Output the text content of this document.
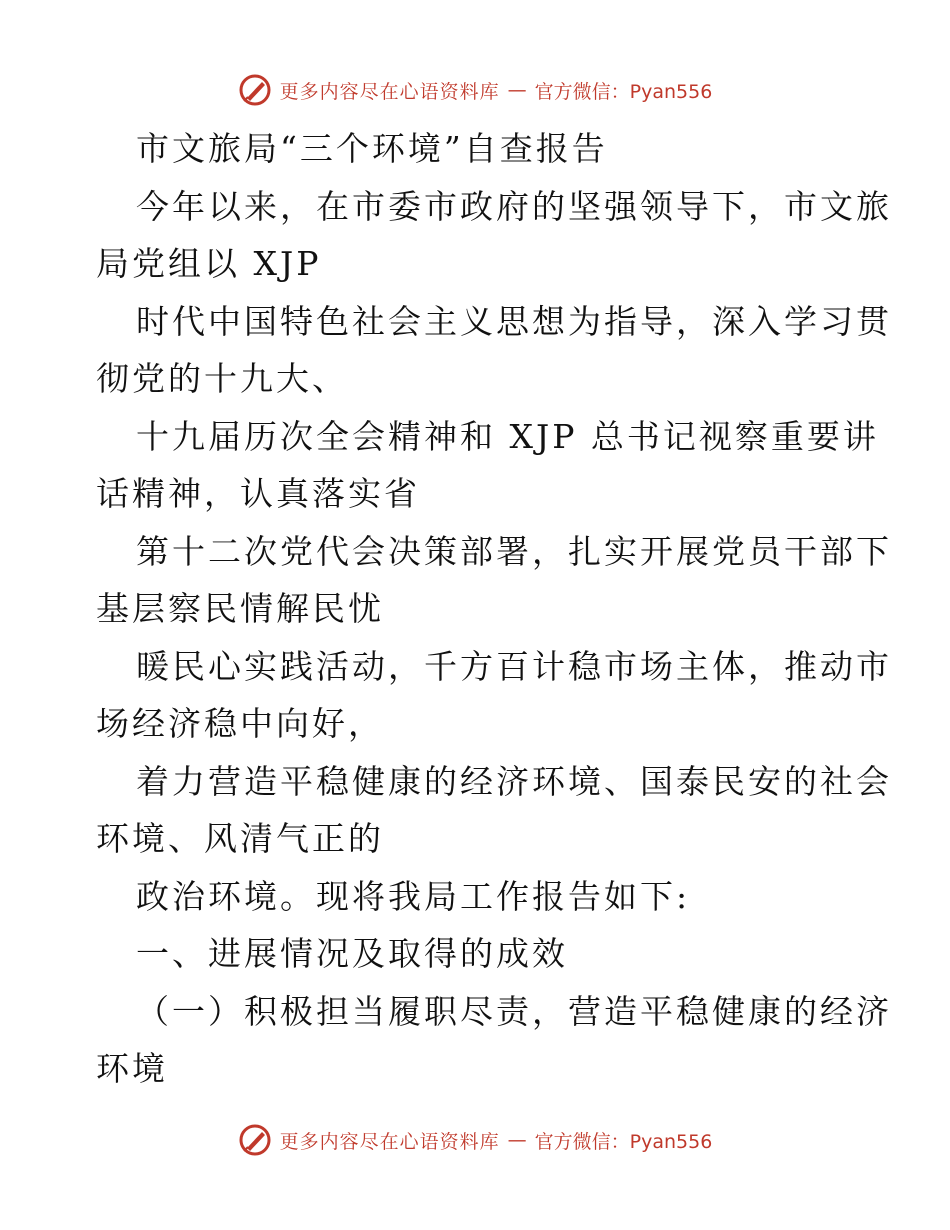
更多内容尽在心语资料库 — 官方微信：Pyan556
市文旅局“三个环境”自查报告
今年以来，在市委市政府的坚强领导下，市文旅
局党组以 XJP
时代中国特色社会主义思想为指导，深入学习贯
彻党的十九大、
十九届历次全会精神和 XJP 总书记视察重要讲
话精神，认真落实省
第十二次党代会决策部署，扎实开展党员干部下
基层察民情解民忧
暖民心实践活动，千方百计稳市场主体，推动市
场经济稳中向好，
着力营造平稳健康的经济环境、国泰民安的社会
环境、风清气正的
政治环境。现将我局工作报告如下:
一、进展情况及取得的成效
（一）积极担当履职尽责，营造平稳健康的经济
环境
更多内容尽在心语资料库 — 官方微信：Pyan556
